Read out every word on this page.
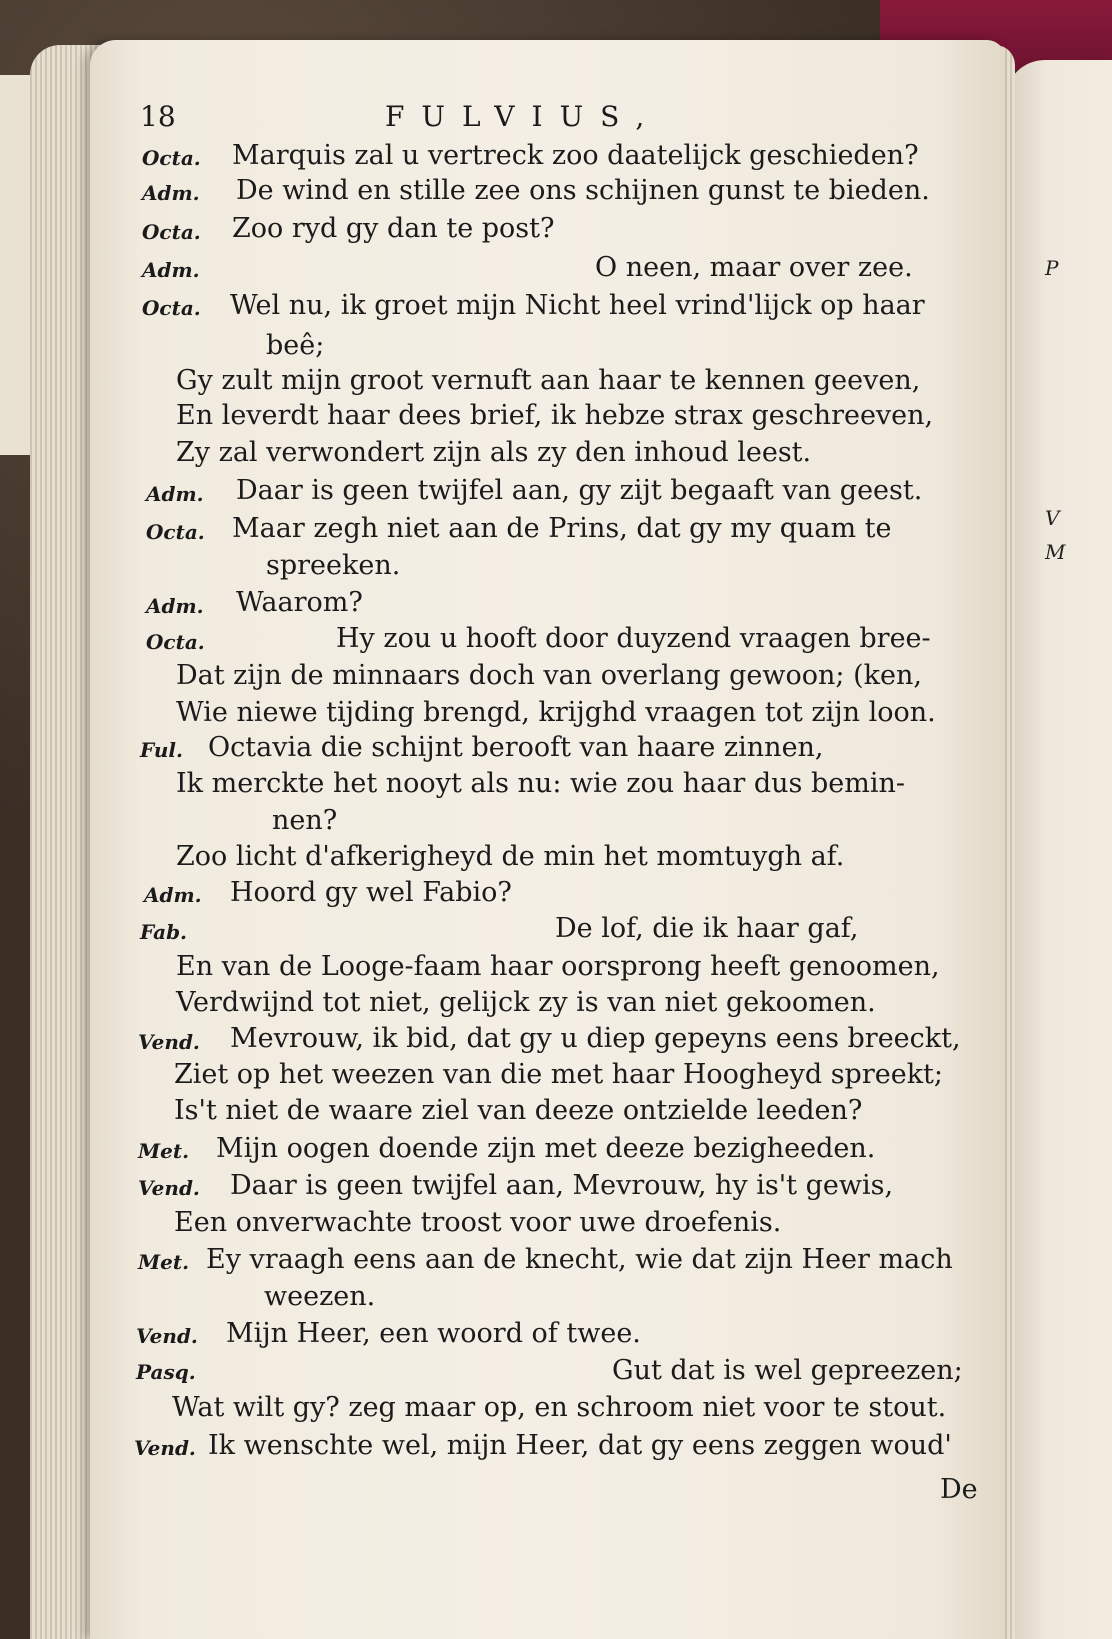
P
V
M
18	FULVIUS,
Octa. Marquis zal u vertreck zoo daatelijck geschieden?
Adm. De wind en stille zee ons schijnen gunst te bieden.
Octa. Zoo ryd gy dan te post?
Adm.	O neen, maar over zee.
Octa. Wel nu, ik groet mijn Nicht heel vrind'lijck op haar
beê;
Gy zult mijn groot vernuft aan haar te kennen geeven,
En leverdt haar dees brief, ik hebze strax geschreeven,
Zy zal verwondert zijn als zy den inhoud leest.
Adm. Daar is geen twijfel aan, gy zijt begaaft van geest.
Octa. Maar zegh niet aan de Prins, dat gy my quam te
spreeken.
Adm. Waarom?
Octa.	Hy zou u hooft door duyzend vraagen bree-
Dat zijn de minnaars doch van overlang gewoon; (ken,
Wie niewe tijding brengd, krijghd vraagen tot zijn loon.
Ful. Octavia die schijnt berooft van haare zinnen,
Ik merckte het nooyt als nu: wie zou haar dus bemin-
nen?
Zoo licht d'afkerigheyd de min het momtuygh af.
Adm. Hoord gy wel Fabio?
Fab.	De lof, die ik haar gaf,
En van de Looge-faam haar oorsprong heeft genoomen,
Verdwijnd tot niet, gelijck zy is van niet gekoomen.
Vend. Mevrouw, ik bid, dat gy u diep gepeyns eens breeckt,
Ziet op het weezen van die met haar Hoogheyd spreekt;
Is't niet de waare ziel van deeze ontzielde leeden?
Met. Mijn oogen doende zijn met deeze bezigheeden.
Vend. Daar is geen twijfel aan, Mevrouw, hy is't gewis,
Een onverwachte troost voor uwe droefenis.
Met. Ey vraagh eens aan de knecht, wie dat zijn Heer mach
weezen.
Vend. Mijn Heer, een woord of twee.
Pasq.	Gut dat is wel gepreezen;
Wat wilt gy? zeg maar op, en schroom niet voor te stout.
Vend. Ik wenschte wel, mijn Heer, dat gy eens zeggen woud'
De
